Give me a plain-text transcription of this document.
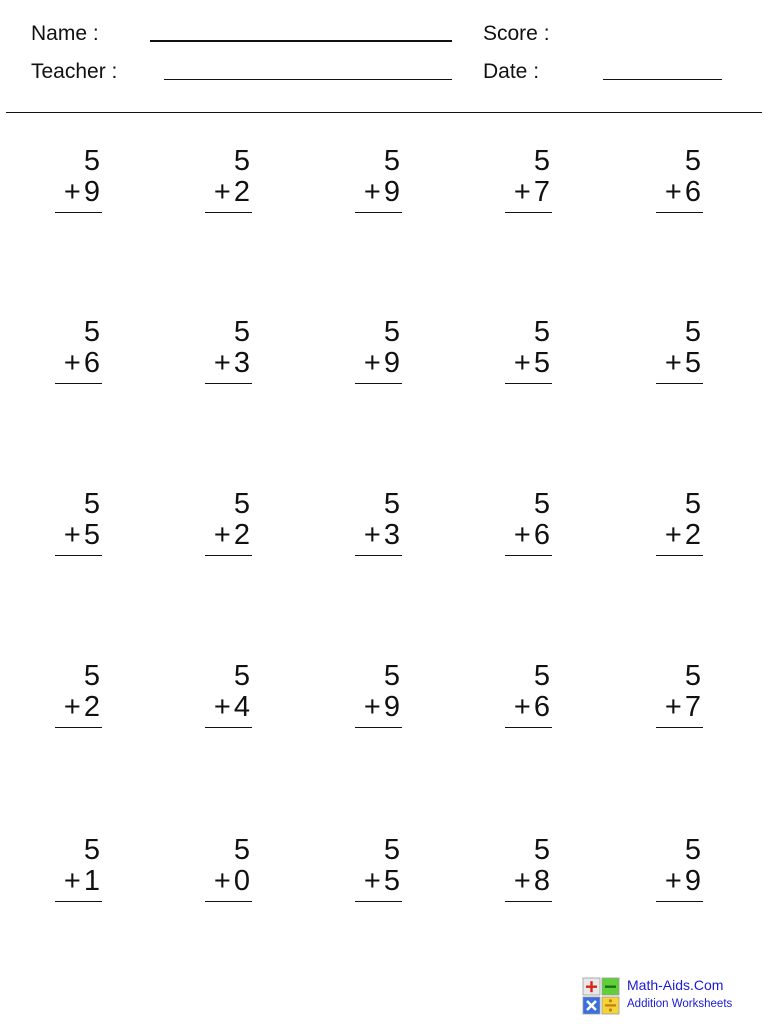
Name :
Teacher :
Score :
Date :
5
+ 9
5
+ 2
5
+ 9
5
+ 7
5
+ 6
5
+ 6
5
+ 3
5
+ 9
5
+ 5
5
+ 5
5
+ 5
5
+ 2
5
+ 3
5
+ 6
5
+ 2
5
+ 2
5
+ 4
5
+ 9
5
+ 6
5
+ 7
5
+ 1
5
+ 0
5
+ 5
5
+ 8
5
+ 9
Math-Aids.Com
Addition Worksheets
